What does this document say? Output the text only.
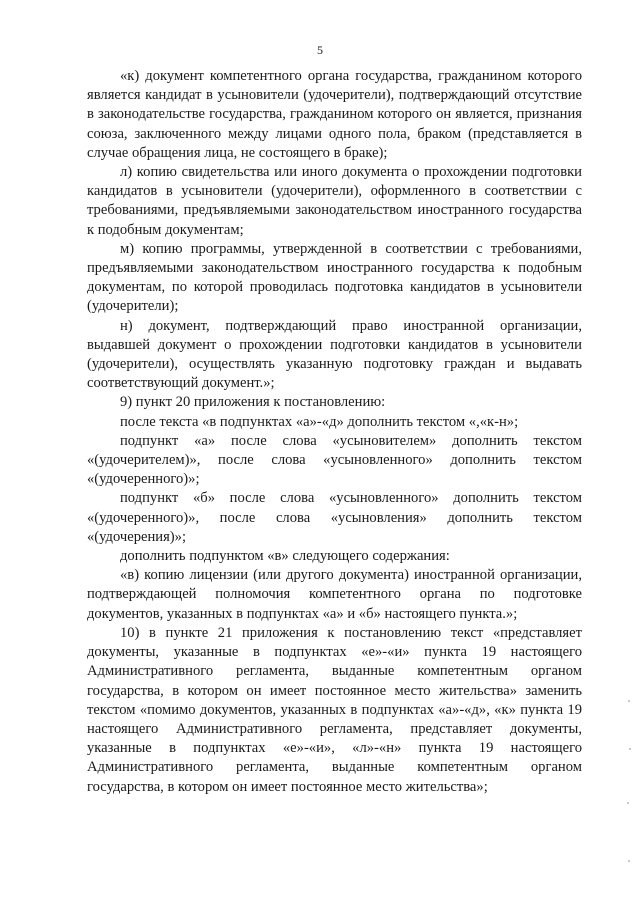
5

«к) документ компетентного органа государства, гражданином которого является кандидат в усыновители (удочерители), подтверждающий отсутствие в законодательстве государства, гражданином которого он является, признания союза, заключенного между лицами одного пола, браком (представляется в случае обращения лица, не состоящего в браке);

л) копию свидетельства или иного документа о прохождении подготовки кандидатов в усыновители (удочерители), оформленного в соответствии с требованиями, предъявляемыми законодательством иностранного государства к подобным документам;

м) копию программы, утвержденной в соответствии с требованиями, предъявляемыми законодательством иностранного государства к подобным документам, по которой проводилась подготовка кандидатов в усыновители (удочерители);

н) документ, подтверждающий право иностранной организации, выдавшей документ о прохождении подготовки кандидатов в усыновители (удочерители), осуществлять указанную подготовку граждан и выдавать соответствующий документ.»;

9) пункт 20 приложения к постановлению:

после текста «в подпунктах «а»-«д» дополнить текстом «,«к-н»;

подпункт «а» после слова «усыновителем» дополнить текстом «(удочерителем)», после слова «усыновленного» дополнить текстом «(удочеренного)»;

подпункт «б» после слова «усыновленного» дополнить текстом «(удочеренного)», после слова «усыновления» дополнить текстом «(удочерения)»;

дополнить подпунктом «в» следующего содержания:

«в) копию лицензии (или другого документа) иностранной организации, подтверждающей полномочия компетентного органа по подготовке документов, указанных в подпунктах «а» и «б» настоящего пункта.»;

10) в пункте 21 приложения к постановлению текст «представляет документы, указанные в подпунктах «е»-«и» пункта 19 настоящего Административного регламента, выданные компетентным органом государства, в котором он имеет постоянное место жительства» заменить текстом «помимо документов, указанных в подпунктах «а»-«д», «к» пункта 19 настоящего Административного регламента, представляет документы, указанные в подпунктах «е»-«и», «л»-«н» пункта 19 настоящего Административного регламента, выданные компетентным органом государства, в котором он имеет постоянное место жительства»;
